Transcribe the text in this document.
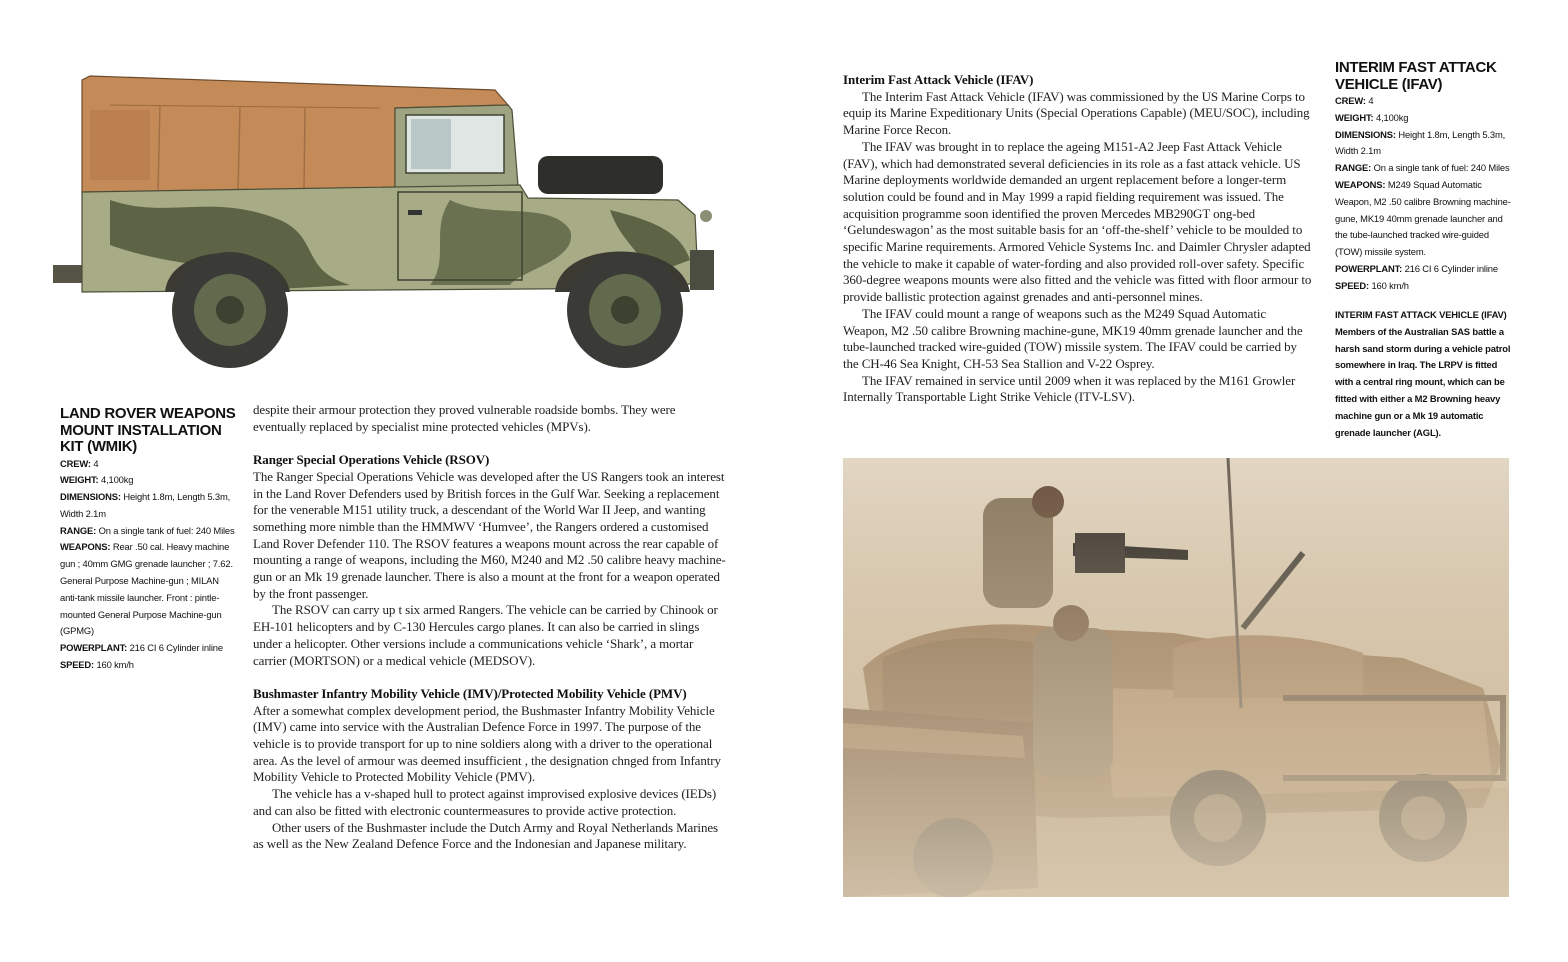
LAND ROVER WEAPONS MOUNT INSTALLATION KIT (WMIK)
CREW: 4
WEIGHT: 4,100kg
DIMENSIONS: Height 1.8m, Length 5.3m, Width 2.1m
RANGE: On a single tank of fuel: 240 Miles
WEAPONS: Rear .50 cal. Heavy machine gun ; 40mm GMG grenade launcher ; 7.62. General Purpose Machine-gun ; MILAN anti-tank missile launcher. Front : pintle-mounted General Purpose Machine-gun (GPMG)
POWERPLANT: 216 CI 6 Cylinder inline
SPEED: 160 km/h

despite their armour protection they proved vulnerable roadside bombs. They were eventually replaced by specialist mine protected vehicles (MPVs).

Ranger Special Operations Vehicle (RSOV)

The Ranger Special Operations Vehicle was developed after the US Rangers took an interest in the Land Rover Defenders used by British forces in the Gulf War. Seeking a replacement for the venerable M151 utility truck, a descendant of the World War II Jeep, and wanting something more nimble than the HMMWV ‘Humvee’, the Rangers ordered a customised Land Rover Defender 110. The RSOV features a weapons mount across the rear capable of mounting a range of weapons, including the M60, M240 and M2 .50 calibre heavy machine-gun or an Mk 19 grenade launcher. There is also a mount at the front for a weapon operated by the front passenger.

The RSOV can carry up t six armed Rangers. The vehicle can be carried by Chinook or EH-101 helicopters and by C-130 Hercules cargo planes. It can also be carried in slings under a helicopter. Other versions include a communications vehicle ‘Shark’, a mortar carrier (MORTSON) or a medical vehicle (MEDSOV).

Bushmaster Infantry Mobility Vehicle (IMV)/Protected Mobility Vehicle (PMV)

After a somewhat complex development period, the Bushmaster Infantry Mobility Vehicle (IMV) came into service with the Australian Defence Force in 1997. The purpose of the vehicle is to provide transport for up to nine soldiers along with a driver to the operational area. As the level of armour was deemed insufficient , the designation chnged from Infantry Mobility Vehicle to Protected Mobility Vehicle (PMV).

The vehicle has a v-shaped hull to protect against improvised explosive devices (IEDs) and can also be fitted with electronic countermeasures to provide active protection.

Other users of the Bushmaster include the Dutch Army and Royal Netherlands Marines as well as the New Zealand Defence Force and the Indonesian and Japanese military.

Interim Fast Attack Vehicle (IFAV)

The Interim Fast Attack Vehicle (IFAV) was commissioned by the US Marine Corps to equip its Marine Expeditionary Units (Special Operations Capable) (MEU/SOC), including Marine Force Recon.

The IFAV was brought in to replace the ageing M151-A2 Jeep Fast Attack Vehicle (FAV), which had demonstrated several deficiencies in its role as a fast attack vehicle. US Marine deployments worldwide demanded an urgent replacement before a longer-term solution could be found and in May 1999 a rapid fielding requirement was issued. The acquisition programme soon identified the proven Mercedes MB290GT ong-bed ‘Gelundeswagon’ as the most suitable basis for an ‘off-the-shelf’ vehicle to be moulded to specific Marine requirements. Armored Vehicle Systems Inc. and Daimler Chrysler adapted the vehicle to make it capable of water-fording and also provided roll-over safety. Specific 360-degree weapons mounts were also fitted and the vehicle was fitted with floor armour to provide ballistic protection against grenades and anti-personnel mines.

The IFAV could mount a range of weapons such as the M249 Squad Automatic Weapon, M2 .50 calibre Browning machine-gune, MK19 40mm grenade launcher and the tube-launched tracked wire-guided (TOW) missile system. The IFAV could be carried by the CH-46 Sea Knight, CH-53 Sea Stallion and V-22 Osprey.

The IFAV remained in service until 2009 when it was replaced by the M161 Growler Internally Transportable Light Strike Vehicle (ITV-LSV).

INTERIM FAST ATTACK VEHICLE (IFAV)
CREW: 4
WEIGHT: 4,100kg
DIMENSIONS: Height 1.8m, Length 5.3m, Width 2.1m
RANGE: On a single tank of fuel: 240 Miles
WEAPONS: M249 Squad Automatic Weapon, M2 .50 calibre Browning machine-gune, MK19 40mm grenade launcher and the tube-launched tracked wire-guided (TOW) missile system.
POWERPLANT: 216 CI 6 Cylinder inline
SPEED: 160 km/h
INTERIM FAST ATTACK VEHICLE (IFAV)
Members of the Australian SAS battle a harsh sand storm during a vehicle patrol somewhere in Iraq. The LRPV is fitted with a central ring mount, which can be fitted with either a M2 Browning heavy machine gun or a Mk 19 automatic grenade launcher (AGL).
